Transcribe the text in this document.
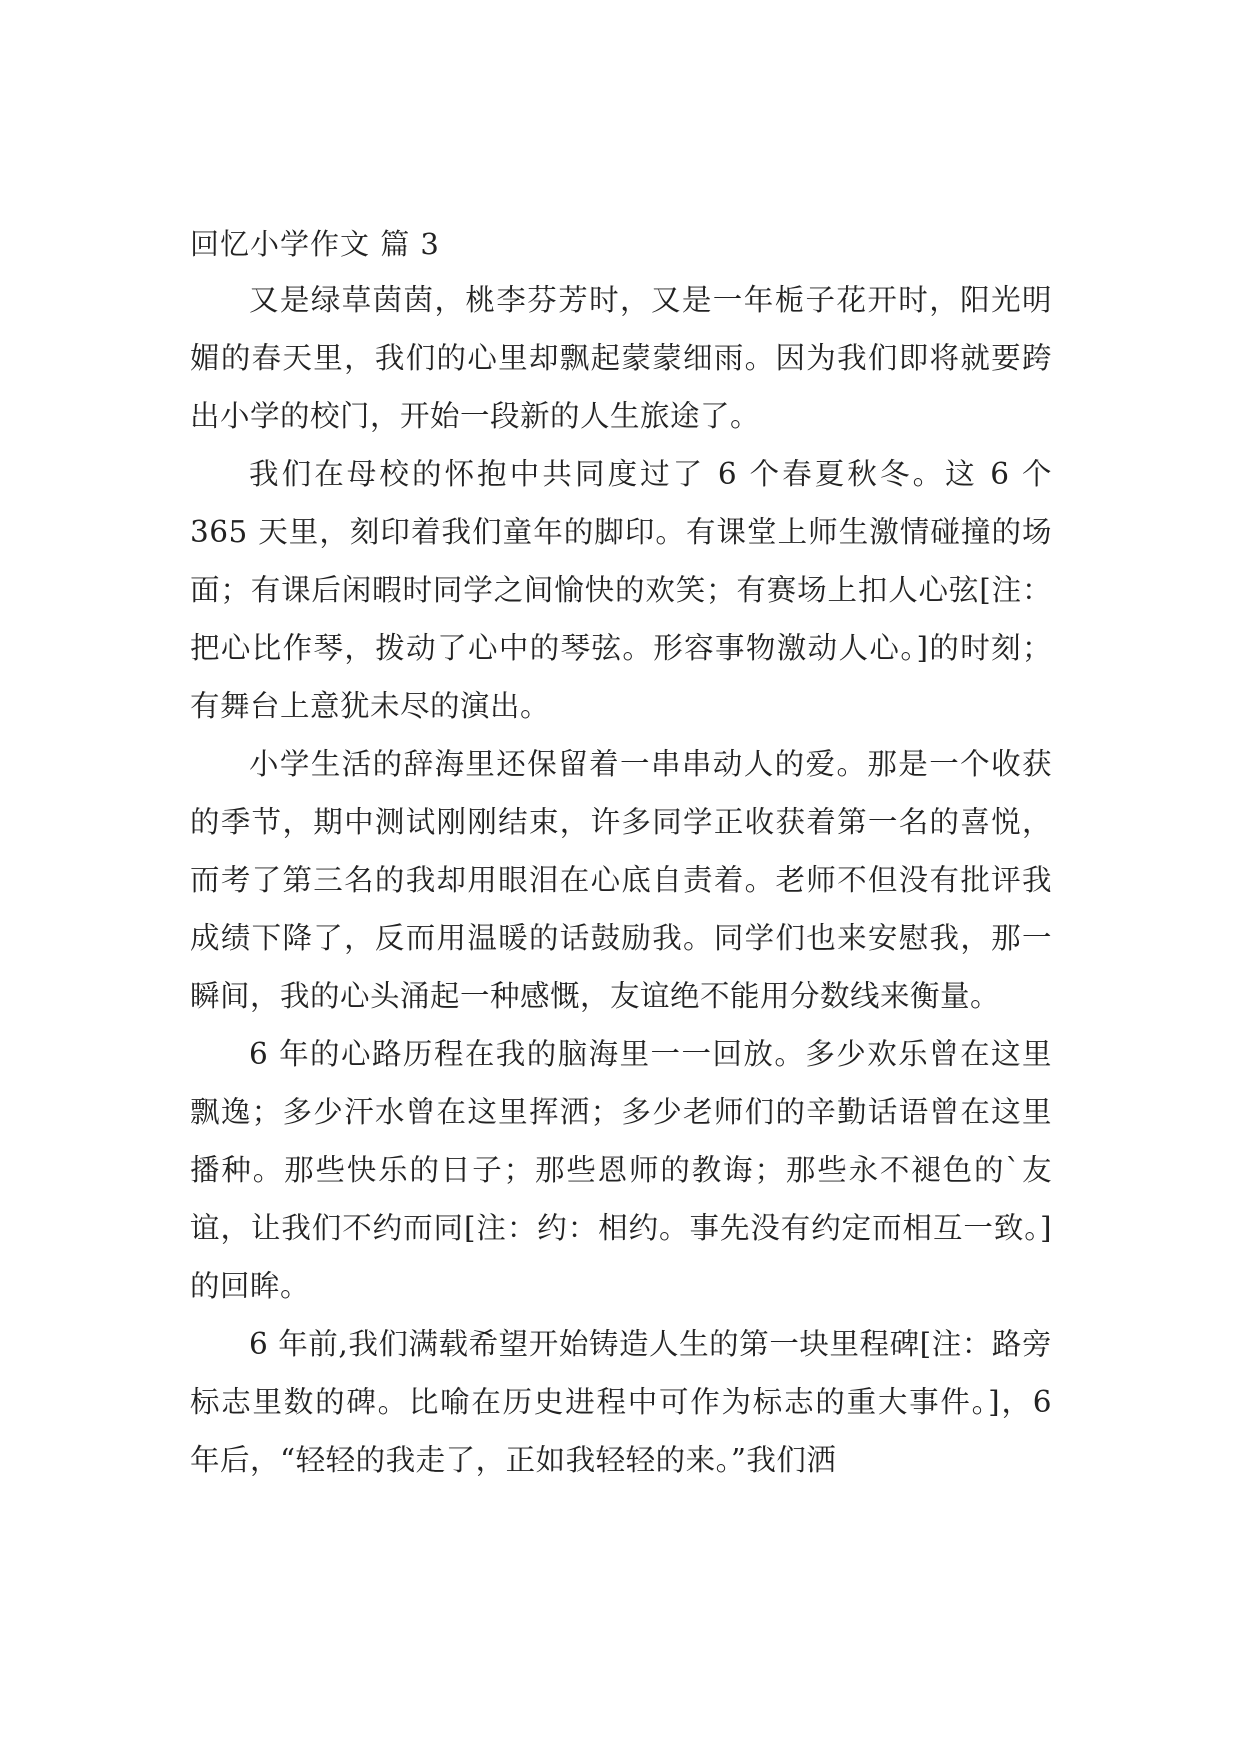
回忆小学作文 篇 3

又是绿草茵茵，桃李芬芳时，又是一年栀子花开时，阳光明媚的春天里，我们的心里却飘起蒙蒙细雨。因为我们即将就要跨出小学的校门，开始一段新的人生旅途了。

我们在母校的怀抱中共同度过了 6 个春夏秋冬。这 6 个 365 天里，刻印着我们童年的脚印。有课堂上师生激情碰撞的场面；有课后闲暇时同学之间愉快的欢笑；有赛场上扣人心弦[注：把心比作琴，拨动了心中的琴弦。形容事物激动人心。]的时刻；有舞台上意犹未尽的演出。

小学生活的辞海里还保留着一串串动人的爱。那是一个收获的季节，期中测试刚刚结束，许多同学正收获着第一名的喜悦，而考了第三名的我却用眼泪在心底自责着。老师不但没有批评我成绩下降了，反而用温暖的话鼓励我。同学们也来安慰我，那一瞬间，我的心头涌起一种感慨，友谊绝不能用分数线来衡量。

6 年的心路历程在我的脑海里一一回放。多少欢乐曾在这里飘逸；多少汗水曾在这里挥洒；多少老师们的辛勤话语曾在这里播种。那些快乐的日子；那些恩师的教诲；那些永不褪色的`友谊，让我们不约而同[注：约：相约。事先没有约定而相互一致。]的回眸。

6 年前,我们满载希望开始铸造人生的第一块里程碑[注：路旁标志里数的碑。比喻在历史进程中可作为标志的重大事件。]，6 年后，“轻轻的我走了，正如我轻轻的来。”我们洒
